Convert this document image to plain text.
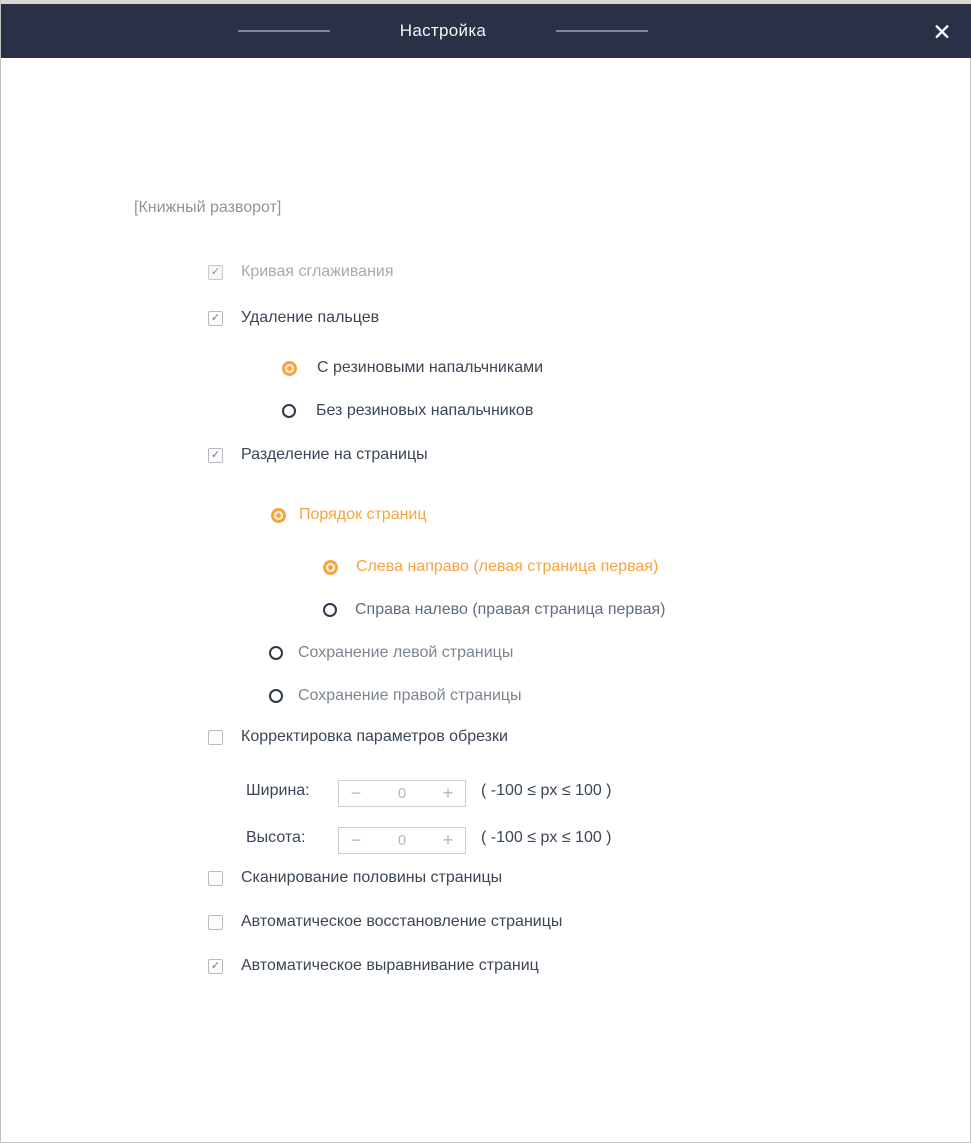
Настройка	✕
[Книжный разворот]
✓ Кривая сглаживания
✓ Удаление пальцев
С резиновыми напальчниками
Без резиновых напальчников
✓ Разделение на страницы
Порядок страниц
Слева направо (левая страница первая)
Справа налево (правая страница первая)
Сохранение левой страницы
Сохранение правой страницы
Корректировка параметров обрезки
Ширина:	−	0	+	( -100 ≤ px ≤ 100 )
Высота:	−	0	+	( -100 ≤ px ≤ 100 )
Сканирование половины страницы
Автоматическое восстановление страницы
✓ Автоматическое выравнивание страниц
